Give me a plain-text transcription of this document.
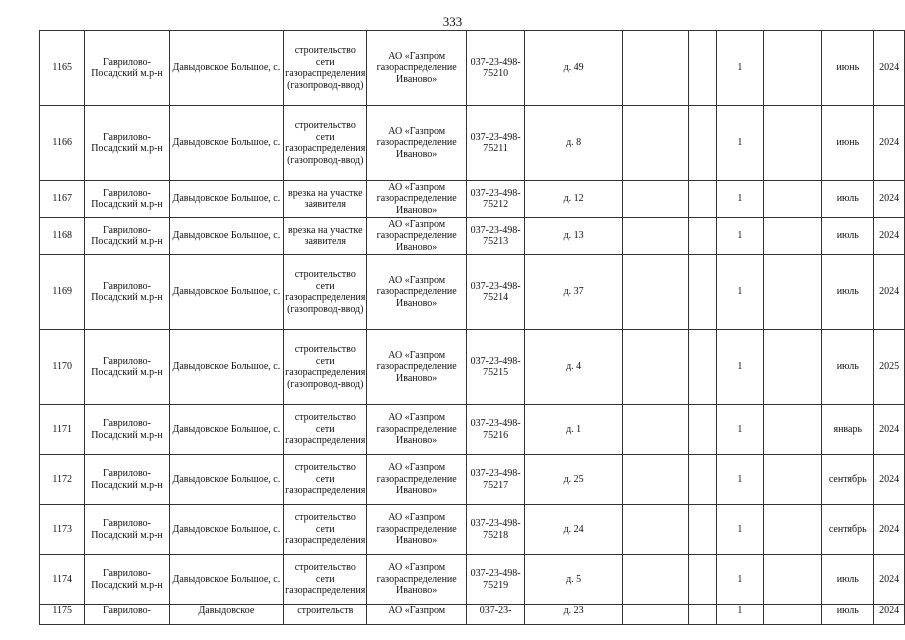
333
1165	Гаврилово-Посадский м.р-н	Давыдовское Большое, с.	строительство сети газораспределения (газопровод-ввод)	АО «Газпром газораспределение Иваново»	037-23-498-75210	д. 49			1		июнь	2024
1166	Гаврилово-Посадский м.р-н	Давыдовское Большое, с.	строительство сети газораспределения (газопровод-ввод)	АО «Газпром газораспределение Иваново»	037-23-498-75211	д. 8			1		июнь	2024
1167	Гаврилово-Посадский м.р-н	Давыдовское Большое, с.	врезка на участке заявителя	АО «Газпром газораспределение Иваново»	037-23-498-75212	д. 12			1		июль	2024
1168	Гаврилово-Посадский м.р-н	Давыдовское Большое, с.	врезка на участке заявителя	АО «Газпром газораспределение Иваново»	037-23-498-75213	д. 13			1		июль	2024
1169	Гаврилово-Посадский м.р-н	Давыдовское Большое, с.	строительство сети газораспределения (газопровод-ввод)	АО «Газпром газораспределение Иваново»	037-23-498-75214	д. 37			1		июль	2024
1170	Гаврилово-Посадский м.р-н	Давыдовское Большое, с.	строительство сети газораспределения (газопровод-ввод)	АО «Газпром газораспределение Иваново»	037-23-498-75215	д. 4			1		июль	2025
1171	Гаврилово-Посадский м.р-н	Давыдовское Большое, с.	строительство сети газораспределения	АО «Газпром газораспределение Иваново»	037-23-498-75216	д. 1			1		январь	2024
1172	Гаврилово-Посадский м.р-н	Давыдовское Большое, с.	строительство сети газораспределения	АО «Газпром газораспределение Иваново»	037-23-498-75217	д. 25			1		сентябрь	2024
1173	Гаврилово-Посадский м.р-н	Давыдовское Большое, с.	строительство сети газораспределения	АО «Газпром газораспределение Иваново»	037-23-498-75218	д. 24			1		сентябрь	2024
1174	Гаврилово-Посадский м.р-н	Давыдовское Большое, с.	строительство сети газораспределения	АО «Газпром газораспределение Иваново»	037-23-498-75219	д. 5			1		июль	2024
1175	Гаврилово-	Давыдовское	строительств	АО «Газпром	037-23-	д. 23			1		июль	2024
